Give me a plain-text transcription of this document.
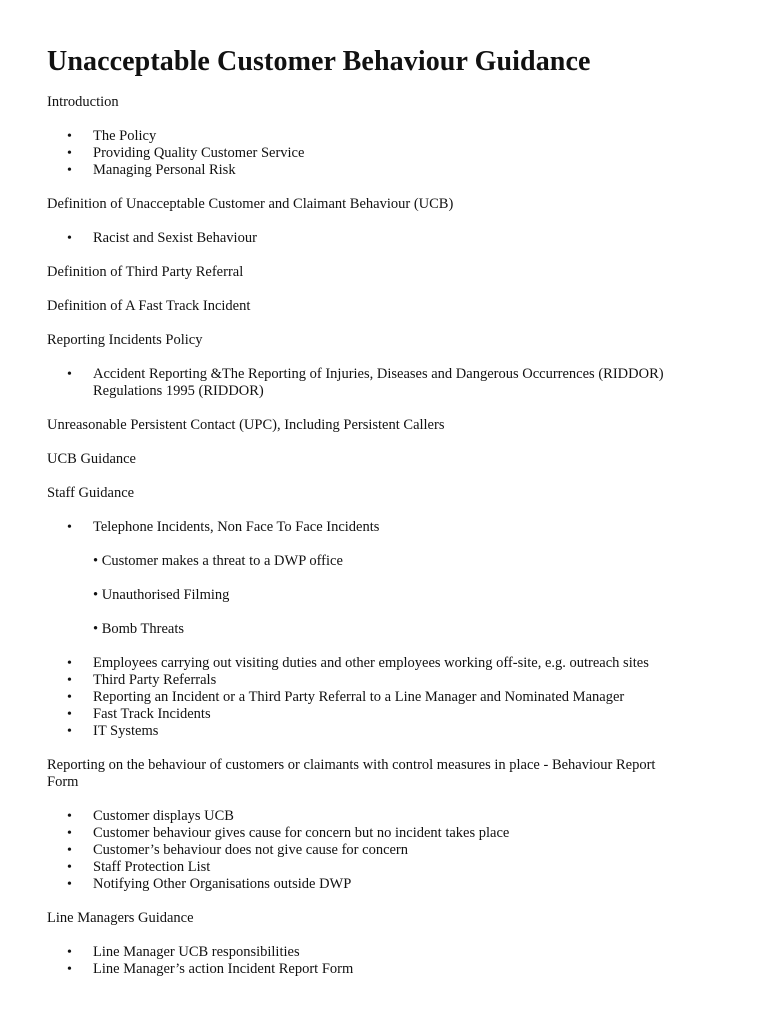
Unacceptable Customer Behaviour Guidance

Introduction

• The Policy
• Providing Quality Customer Service
• Managing Personal Risk

Definition of Unacceptable Customer and Claimant Behaviour (UCB)

• Racist and Sexist Behaviour

Definition of Third Party Referral

Definition of A Fast Track Incident

Reporting Incidents Policy

• Accident Reporting &The Reporting of Injuries, Diseases and Dangerous Occurrences (RIDDOR)
Regulations 1995 (RIDDOR)

Unreasonable Persistent Contact (UPC), Including Persistent Callers

UCB Guidance

Staff Guidance

• Telephone Incidents, Non Face To Face Incidents

• Customer makes a threat to a DWP office

• Unauthorised Filming

• Bomb Threats

• Employees carrying out visiting duties and other employees working off-site, e.g. outreach sites
• Third Party Referrals
• Reporting an Incident or a Third Party Referral to a Line Manager and Nominated Manager
• Fast Track Incidents
• IT Systems

Reporting on the behaviour of customers or claimants with control measures in place - Behaviour Report
Form

• Customer displays UCB
• Customer behaviour gives cause for concern but no incident takes place
• Customer’s behaviour does not give cause for concern
• Staff Protection List
• Notifying Other Organisations outside DWP

Line Managers Guidance

• Line Manager UCB responsibilities
• Line Manager’s action Incident Report Form
